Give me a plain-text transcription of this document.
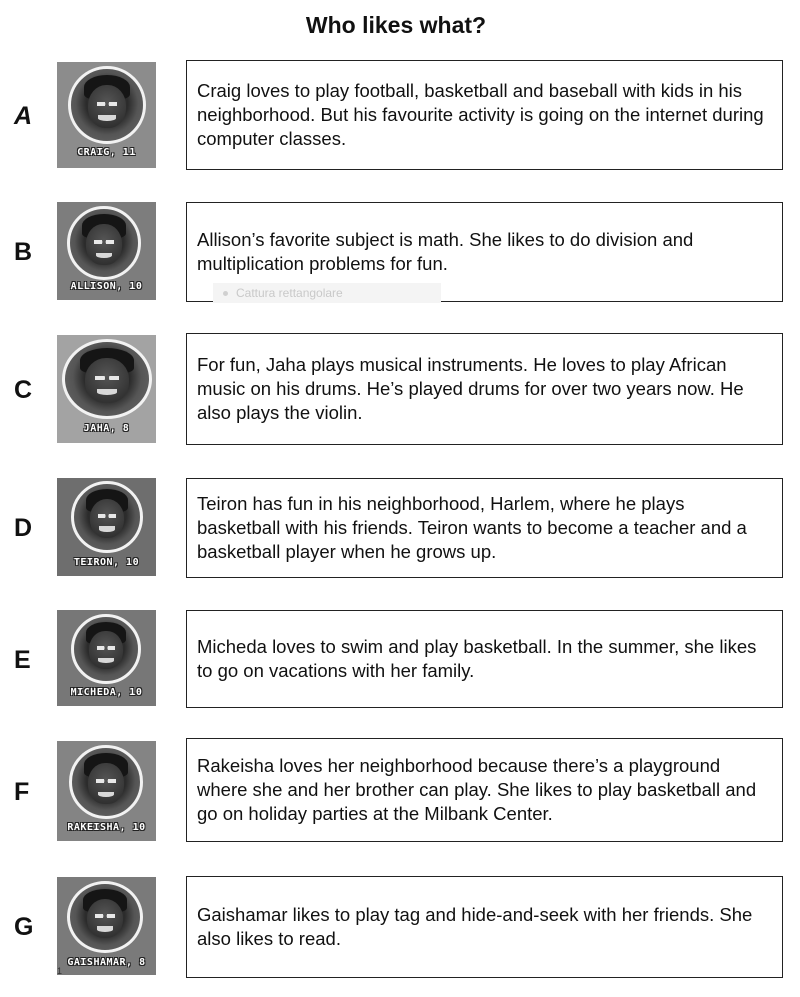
Who likes what?
A
CRAIG, 11
Craig loves to play football, basketball and baseball with kids in his neighborhood. But his favourite activity is going on the internet during computer classes.
B
ALLISON, 10
Allison’s favorite subject is math. She likes to do division and multiplication problems for fun.
Cattura rettangolare
C
JAHA, 8
For fun, Jaha plays musical instruments. He loves to play African music on his drums. He’s played drums for over two years now. He also plays the violin.
D
TEIRON, 10
Teiron has fun in his neighborhood, Harlem, where he plays basketball with his friends. Teiron wants to become a teacher and a basketball player when he grows up.
E
MICHEDA, 10
Micheda loves to swim and play basketball. In the summer, she likes to go on vacations with her family.
F
RAKEISHA, 10
Rakeisha loves her neighborhood because there’s a playground where she and her brother can play. She likes to play basketball and go on holiday parties at the Milbank Center.
G
GAISHAMAR, 8
Gaishamar likes to play tag and hide-and-seek with her friends. She also likes to read.
1
